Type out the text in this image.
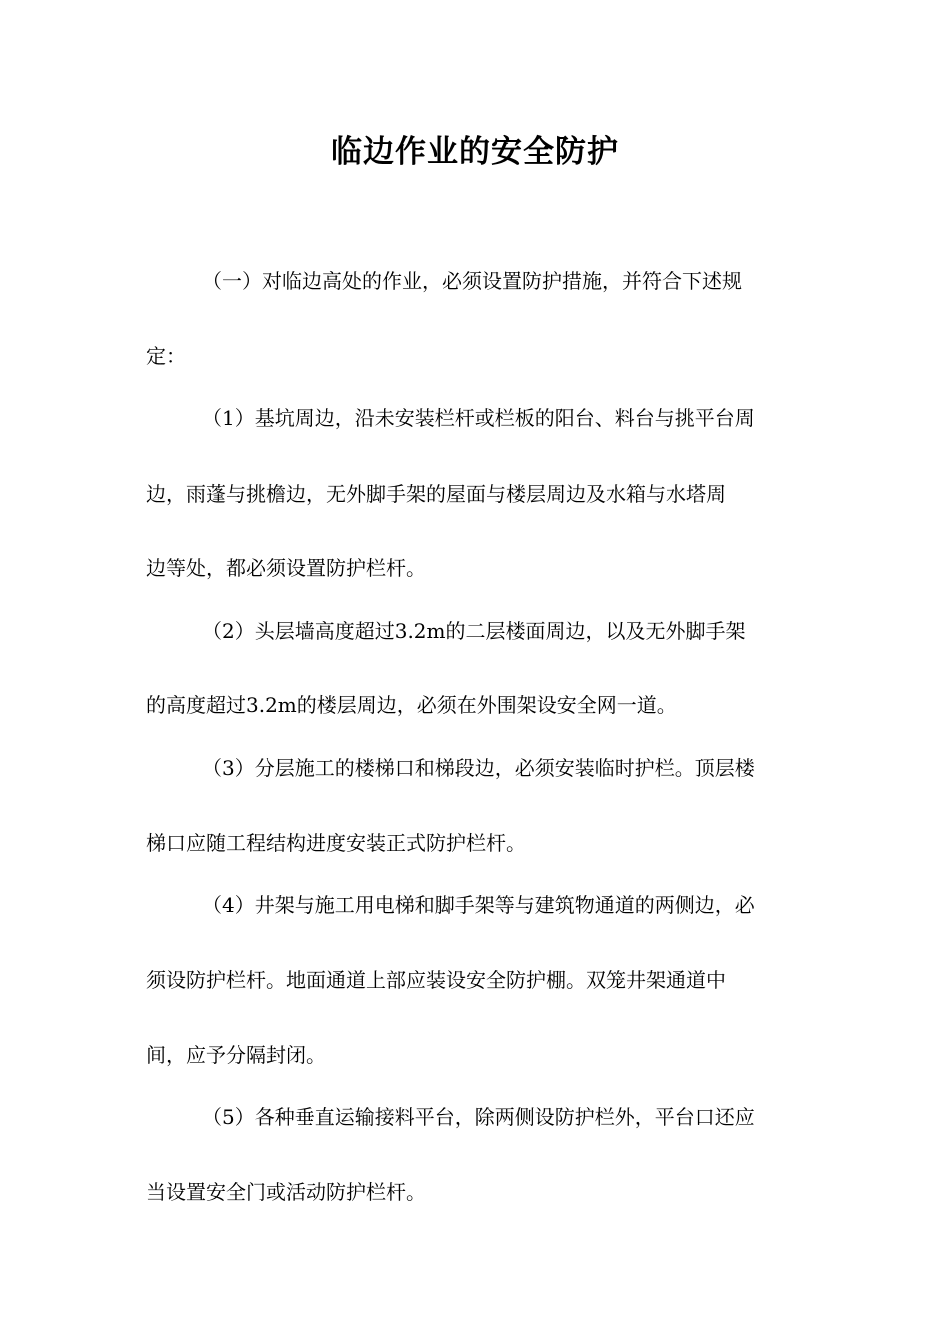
临边作业的安全防护
（一）对临边高处的作业，必须设置防护措施，并符合下述规
定：
（1）基坑周边，沿未安装栏杆或栏板的阳台、料台与挑平台周
边，雨蓬与挑檐边，无外脚手架的屋面与楼层周边及水箱与水塔周
边等处，都必须设置防护栏杆。
（2）头层墙高度超过3.2m的二层楼面周边，以及无外脚手架
的高度超过3.2m的楼层周边，必须在外围架设安全网一道。
（3）分层施工的楼梯口和梯段边，必须安装临时护栏。顶层楼
梯口应随工程结构进度安装正式防护栏杆。
（4）井架与施工用电梯和脚手架等与建筑物通道的两侧边，必
须设防护栏杆。地面通道上部应装设安全防护棚。双笼井架通道中
间，应予分隔封闭。
（5）各种垂直运输接料平台，除两侧设防护栏外，平台口还应
当设置安全门或活动防护栏杆。
